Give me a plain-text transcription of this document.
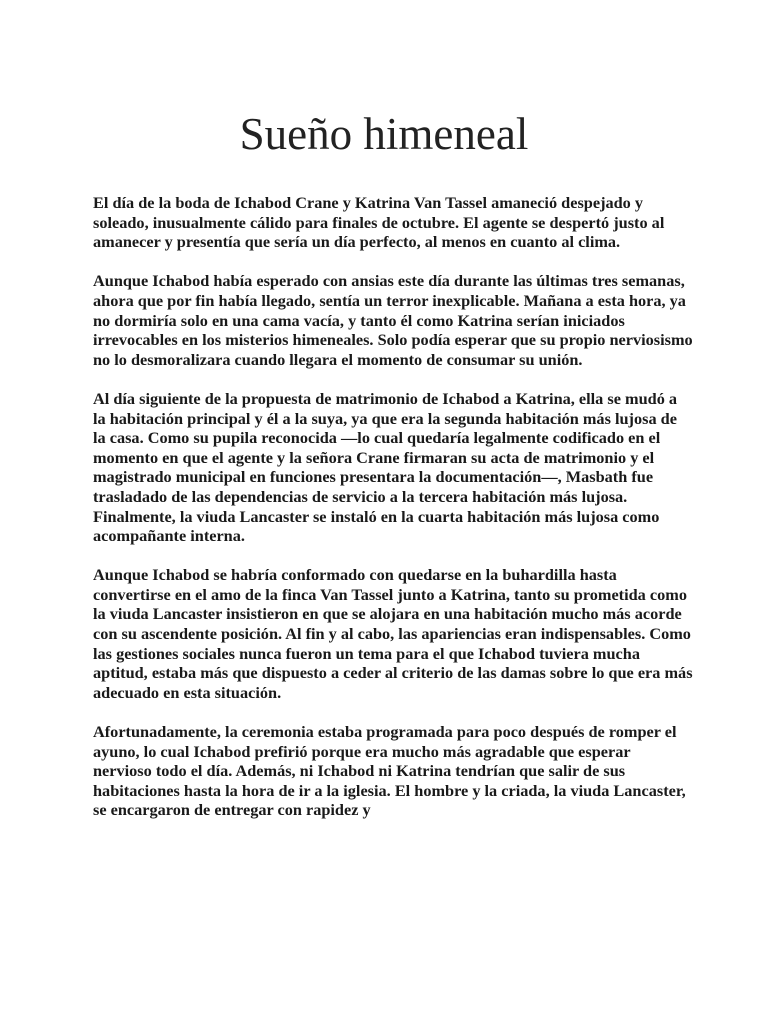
Sueño himeneal

El día de la boda de Ichabod Crane y Katrina Van Tassel amaneció despejado y soleado, inusualmente cálido para finales de octubre. El agente se despertó justo al amanecer y presentía que sería un día perfecto, al menos en cuanto al clima.

Aunque Ichabod había esperado con ansias este día durante las últimas tres semanas, ahora que por fin había llegado, sentía un terror inexplicable. Mañana a esta hora, ya no dormiría solo en una cama vacía, y tanto él como Katrina serían iniciados irrevocables en los misterios himeneales. Solo podía esperar que su propio nerviosismo no lo desmoralizara cuando llegara el momento de consumar su unión.

Al día siguiente de la propuesta de matrimonio de Ichabod a Katrina, ella se mudó a la habitación principal y él a la suya, ya que era la segunda habitación más lujosa de la casa. Como su pupila reconocida —lo cual quedaría legalmente codificado en el momento en que el agente y la señora Crane firmaran su acta de matrimonio y el magistrado municipal en funciones presentara la documentación—, Masbath fue trasladado de las dependencias de servicio a la tercera habitación más lujosa. Finalmente, la viuda Lancaster se instaló en la cuarta habitación más lujosa como acompañante interna.

Aunque Ichabod se habría conformado con quedarse en la buhardilla hasta convertirse en el amo de la finca Van Tassel junto a Katrina, tanto su prometida como la viuda Lancaster insistieron en que se alojara en una habitación mucho más acorde con su ascendente posición. Al fin y al cabo, las apariencias eran indispensables. Como las gestiones sociales nunca fueron un tema para el que Ichabod tuviera mucha aptitud, estaba más que dispuesto a ceder al criterio de las damas sobre lo que era más adecuado en esta situación.

Afortunadamente, la ceremonia estaba programada para poco después de romper el ayuno, lo cual Ichabod prefirió porque era mucho más agradable que esperar nervioso todo el día. Además, ni Ichabod ni Katrina tendrían que salir de sus habitaciones hasta la hora de ir a la iglesia. El hombre y la criada, la viuda Lancaster, se encargaron de entregar con rapidez y
